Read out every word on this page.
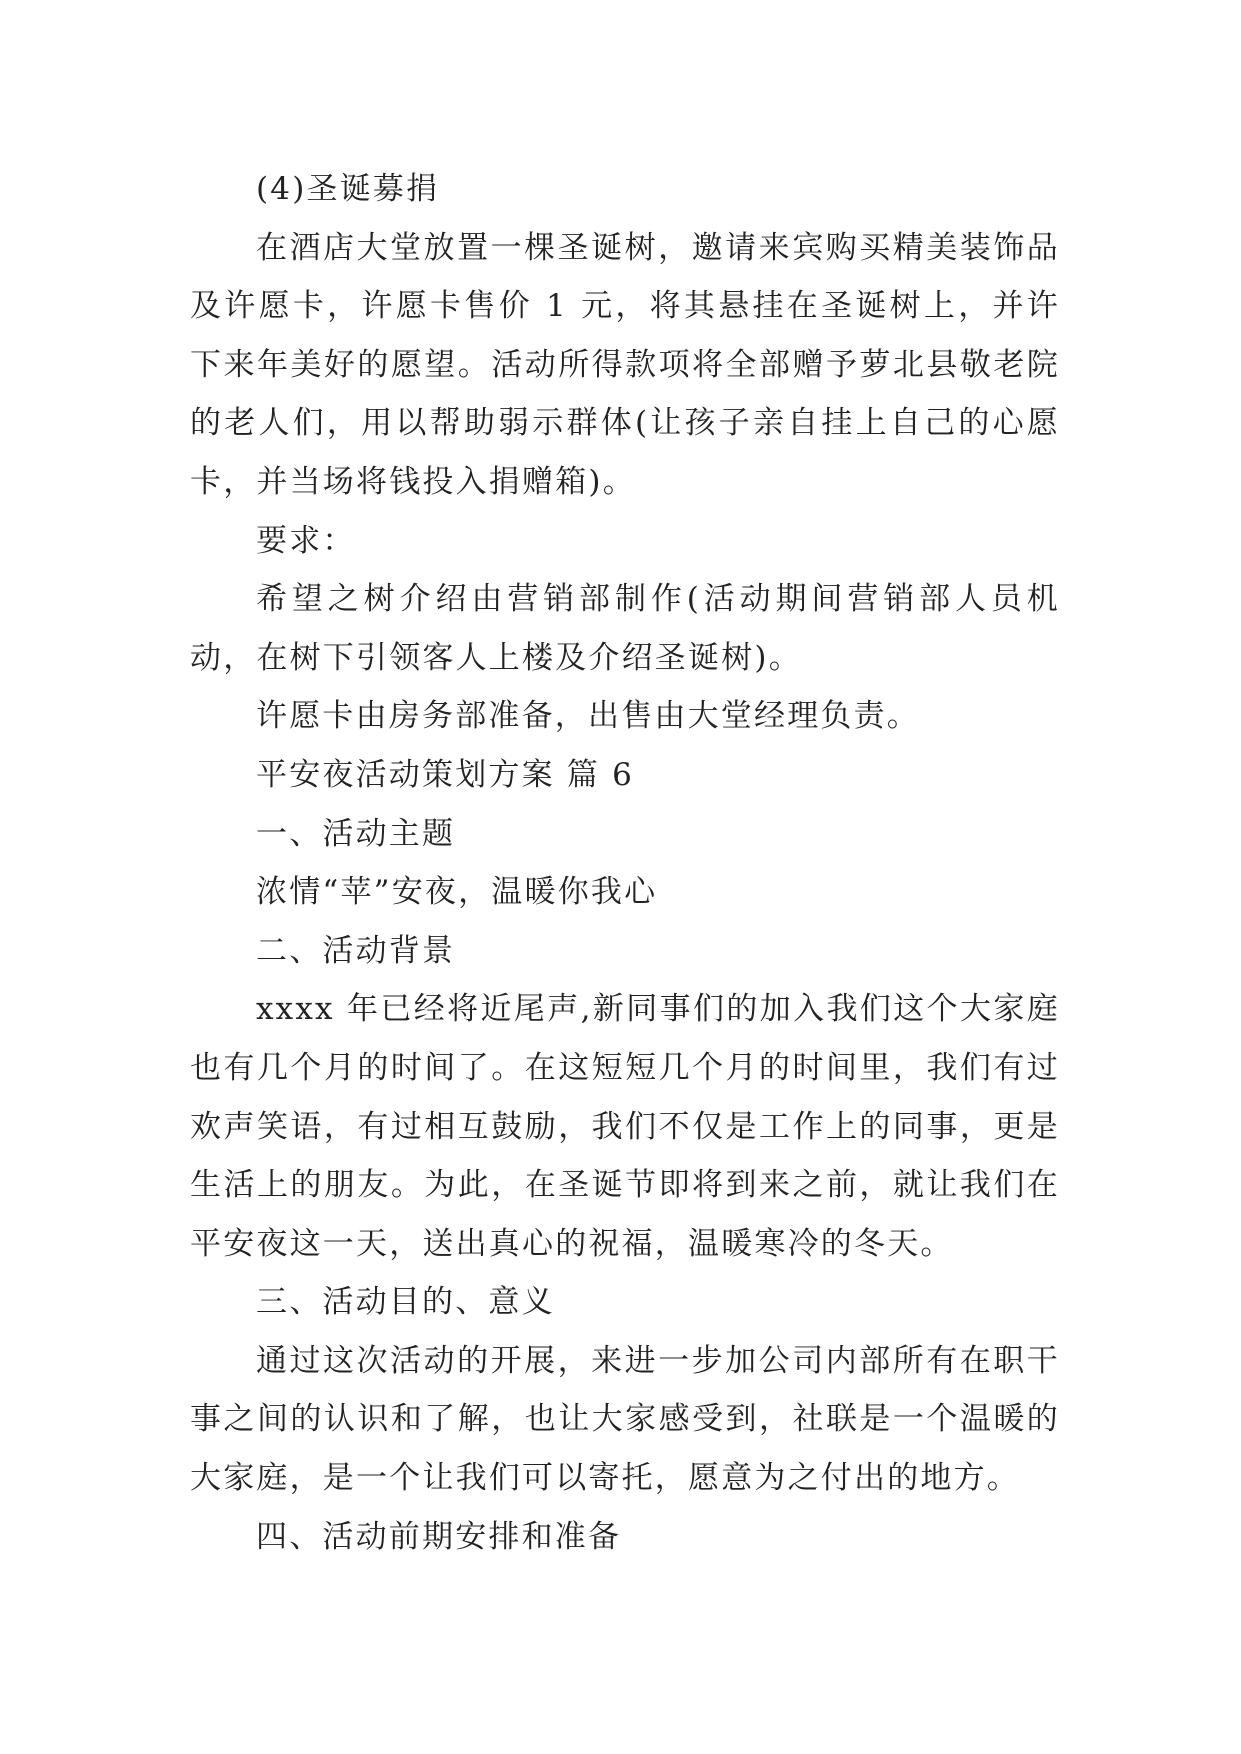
(4)圣诞募捐

在酒店大堂放置一棵圣诞树，邀请来宾购买精美装饰品及许愿卡，许愿卡售价 1 元，将其悬挂在圣诞树上，并许下来年美好的愿望。活动所得款项将全部赠予萝北县敬老院的老人们，用以帮助弱示群体(让孩子亲自挂上自己的心愿卡，并当场将钱投入捐赠箱)。

要求：

希望之树介绍由营销部制作(活动期间营销部人员机动，在树下引领客人上楼及介绍圣诞树)。

许愿卡由房务部准备，出售由大堂经理负责。

平安夜活动策划方案 篇 6

一、活动主题

浓情“苹”安夜，温暖你我心

二、活动背景

xxxx 年已经将近尾声,新同事们的加入我们这个大家庭也有几个月的时间了。在这短短几个月的时间里，我们有过欢声笑语，有过相互鼓励，我们不仅是工作上的同事，更是生活上的朋友。为此，在圣诞节即将到来之前，就让我们在平安夜这一天，送出真心的祝福，温暖寒冷的冬天。

三、活动目的、意义

通过这次活动的开展，来进一步加公司内部所有在职干事之间的认识和了解，也让大家感受到，社联是一个温暖的大家庭，是一个让我们可以寄托，愿意为之付出的地方。

四、活动前期安排和准备
